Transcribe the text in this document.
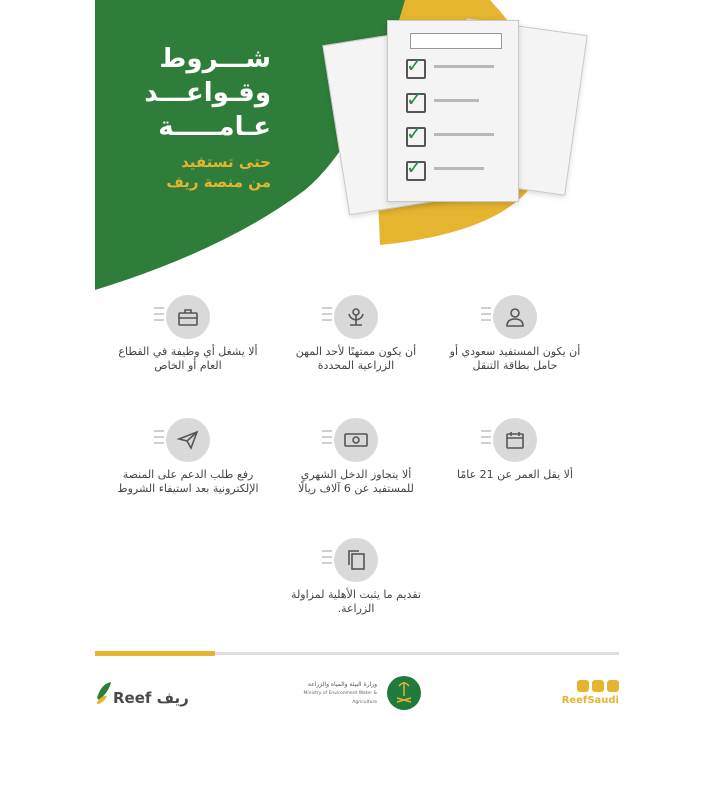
شـــروط
وقـواعـــد
عـامـــــة
حتى تستفيد
من منصة ريف
✓
✓
✓
✓
أن يكون المستفيد سعودي أو حامل بطاقة التنقل
أن يكون ممتهنًا لأحد المهن الزراعية المحددة
ألا يشغل أي وظيفة في القطاع العام أو الخاص
ألا يقل العمر عن 21 عامًا
ألا يتجاوز الدخل الشهري للمستفيد عن 6 آلاف ريالًا
رفع طلب الدعم على المنصة الإلكترونية بعد استيفاء الشروط
تقديم ما يثبت الأهلية لمزاولة الزراعة.
Reef ريف
وزارة البيئة والمياه والزراعة
Ministry of Environment Water & Agriculture	ReefSaudi
